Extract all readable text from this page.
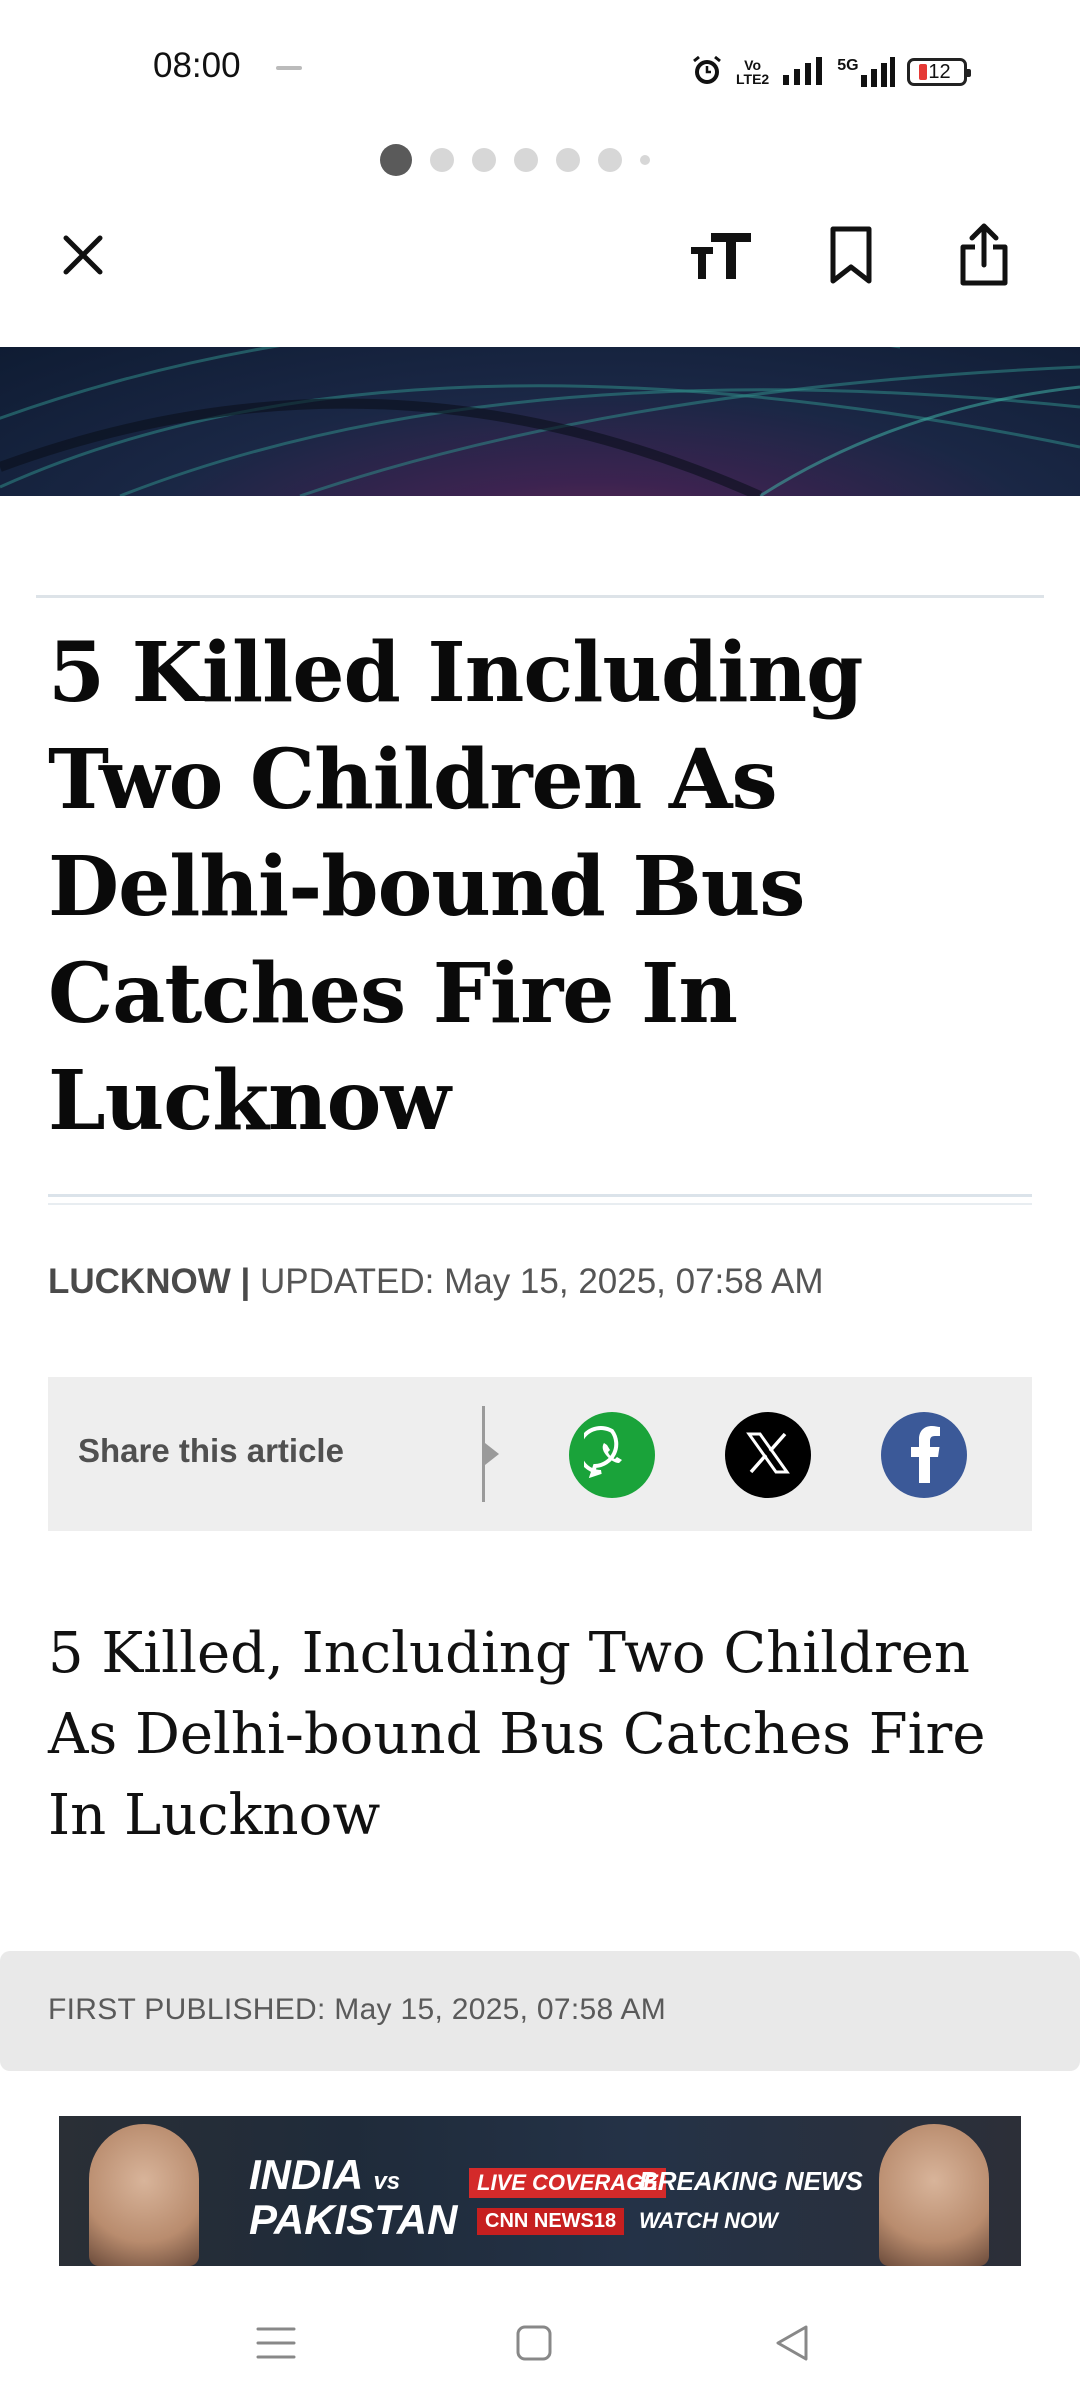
08:00	Vo
LTE2
5G	12
5 Killed Including Two Children As Delhi-bound Bus Catches Fire In Lucknow
LUCKNOW | UPDATED: May 15, 2025, 07:58 AM
Share this article

5 Killed, Including Two Children As Delhi-bound Bus Catches Fire In Lucknow

FIRST PUBLISHED: May 15, 2025, 07:58 AM
INDIA vs
PAKISTAN
LIVE COVERAGE
BREAKING NEWS
CNN NEWS18	WATCH NOW
